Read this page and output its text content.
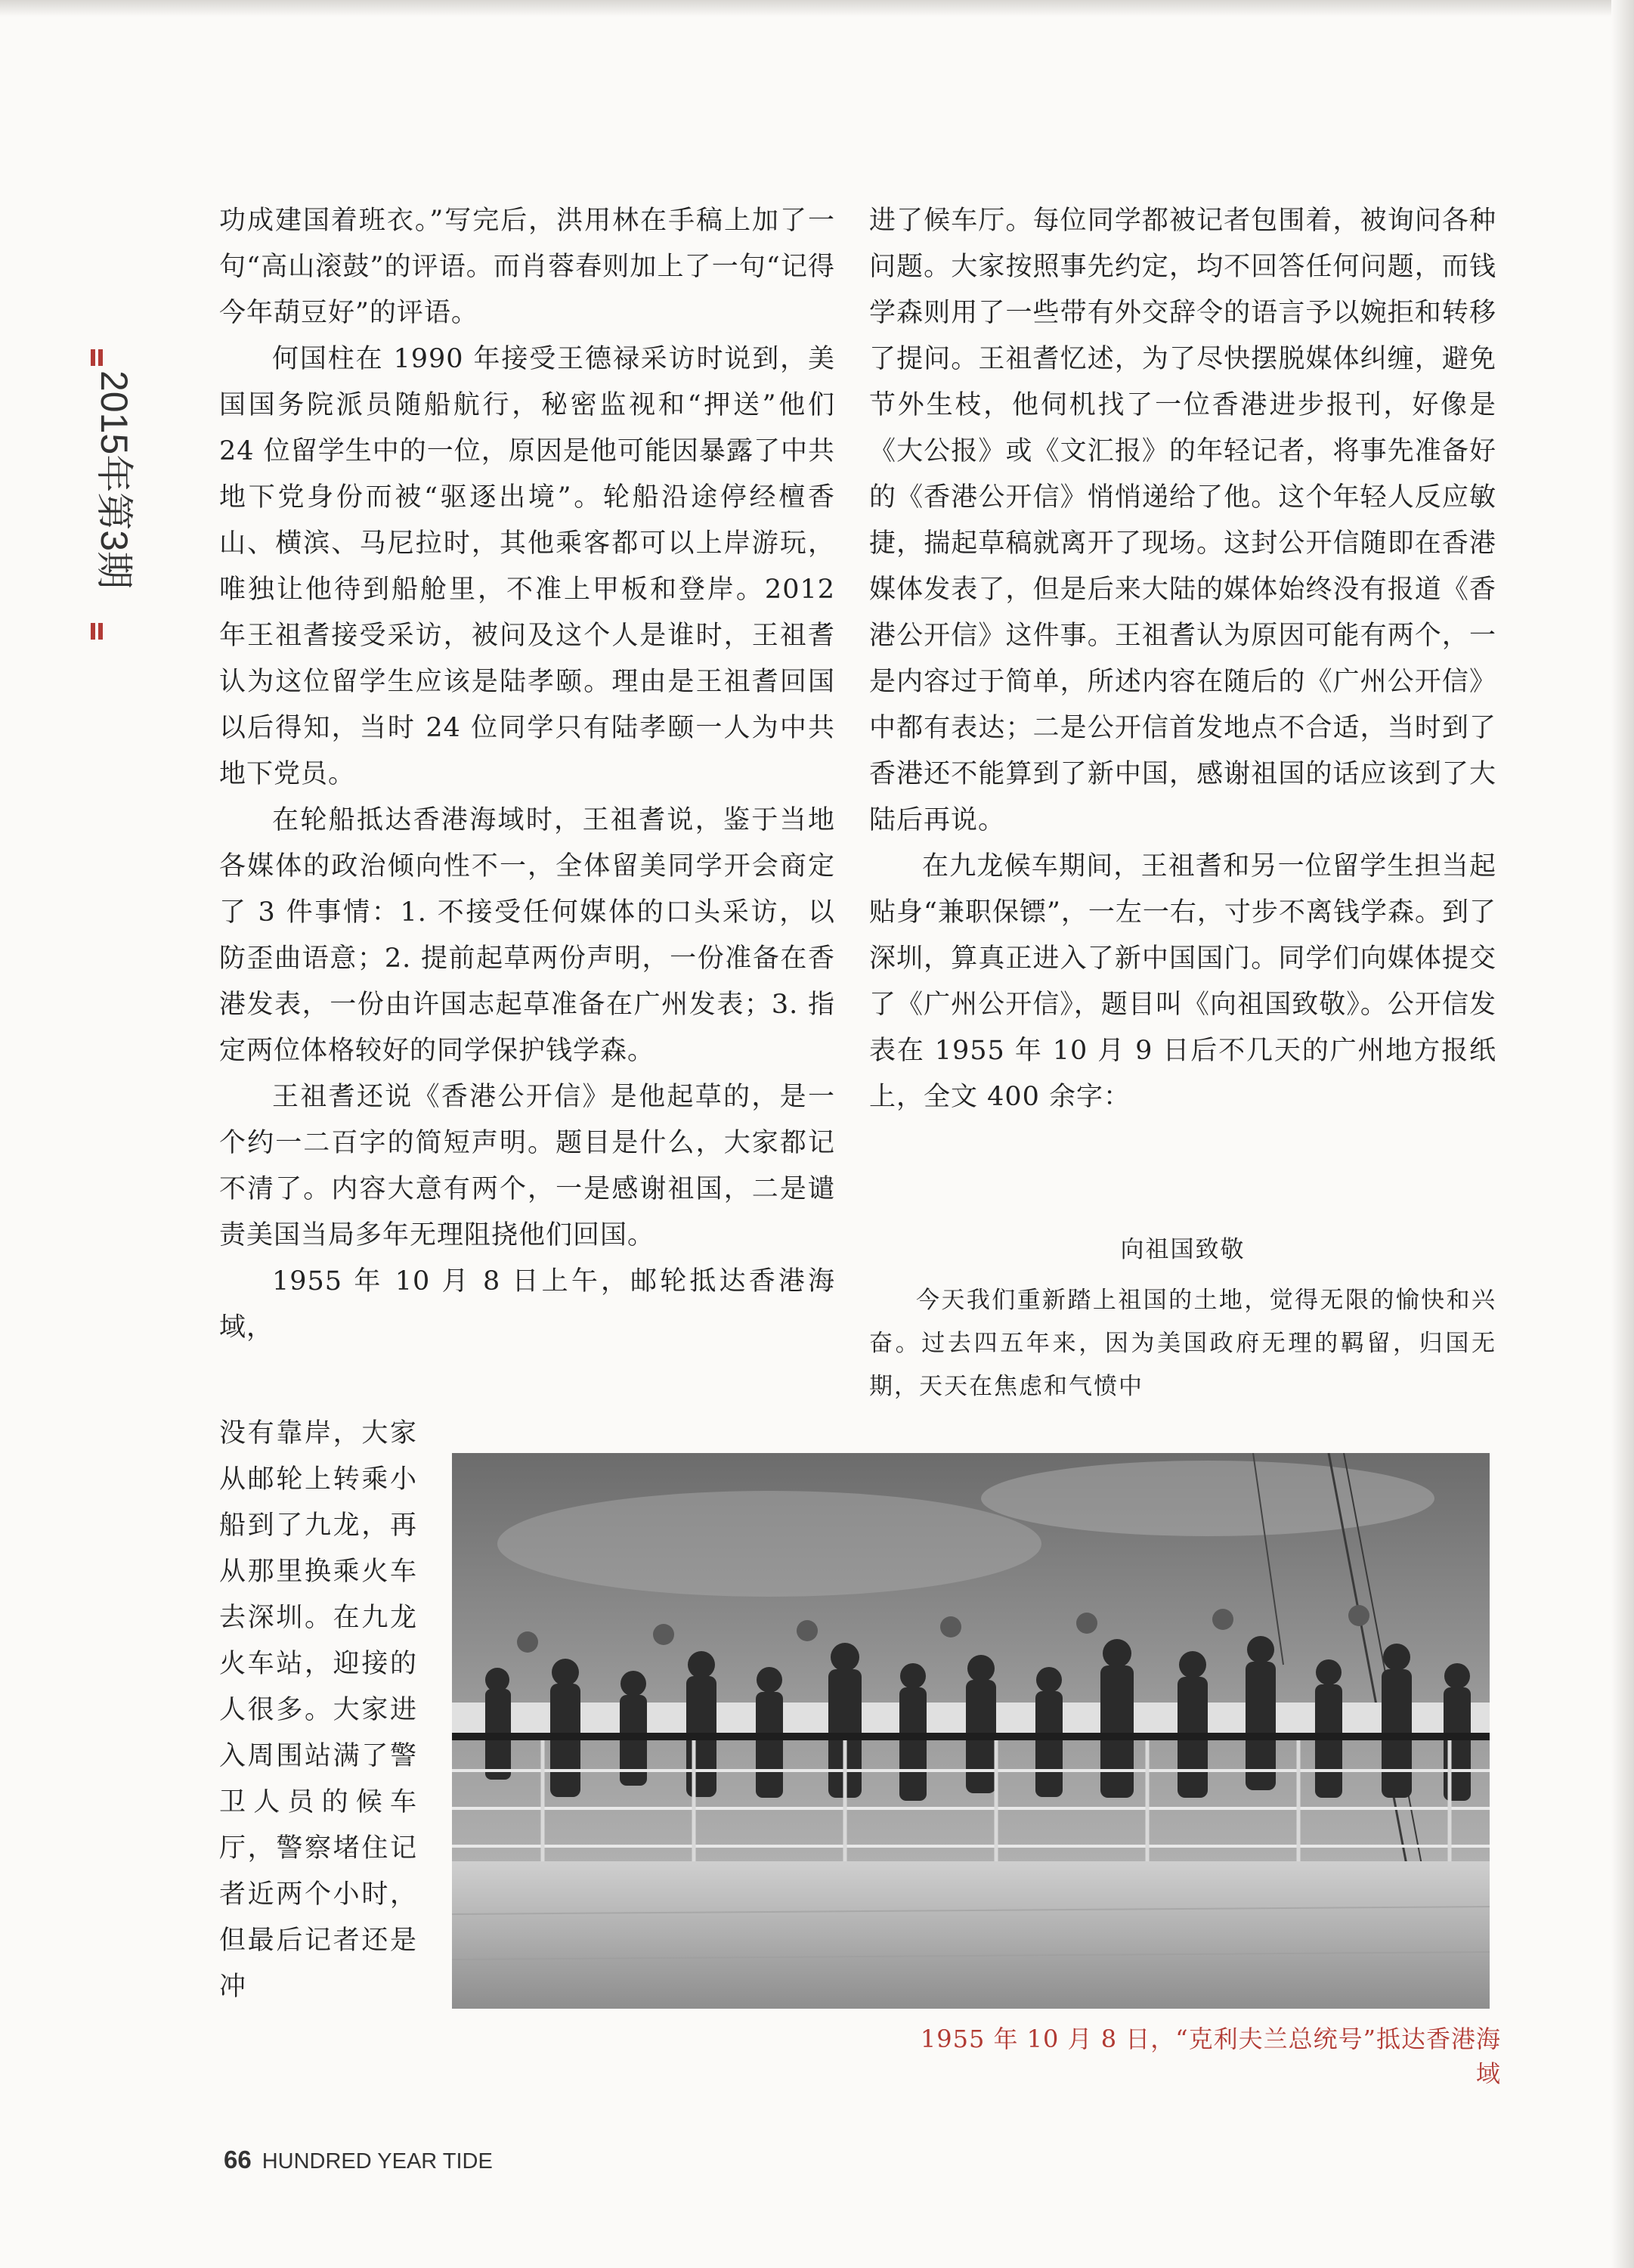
2015年第3期

功成建国着班衣。”写完后，洪用林在手稿上加了一句“高山滚鼓”的评语。而肖蓉春则加上了一句“记得今年葫豆好”的评语。

何国柱在 1990 年接受王德禄采访时说到，美国国务院派员随船航行，秘密监视和“押送”他们 24 位留学生中的一位，原因是他可能因暴露了中共地下党身份而被“驱逐出境”。轮船沿途停经檀香山、横滨、马尼拉时，其他乘客都可以上岸游玩，唯独让他待到船舱里，不准上甲板和登岸。2012 年王祖耆接受采访，被问及这个人是谁时，王祖耆认为这位留学生应该是陆孝颐。理由是王祖耆回国以后得知，当时 24 位同学只有陆孝颐一人为中共地下党员。

在轮船抵达香港海域时，王祖耆说，鉴于当地各媒体的政治倾向性不一，全体留美同学开会商定了 3 件事情：1. 不接受任何媒体的口头采访，以防歪曲语意；2. 提前起草两份声明，一份准备在香港发表，一份由许国志起草准备在广州发表；3. 指定两位体格较好的同学保护钱学森。

王祖耆还说《香港公开信》是他起草的，是一个约一二百字的简短声明。题目是什么，大家都记不清了。内容大意有两个，一是感谢祖国，二是谴责美国当局多年无理阻挠他们回国。

1955 年 10 月 8 日上午，邮轮抵达香港海域，

没有靠岸，大家从邮轮上转乘小船到了九龙，再从那里换乘火车去深圳。在九龙火车站，迎接的人很多。大家进入周围站满了警卫人员的候车厅，警察堵住记者近两个小时，但最后记者还是冲

进了候车厅。每位同学都被记者包围着，被询问各种问题。大家按照事先约定，均不回答任何问题，而钱学森则用了一些带有外交辞令的语言予以婉拒和转移了提问。王祖耆忆述，为了尽快摆脱媒体纠缠，避免节外生枝，他伺机找了一位香港进步报刊，好像是《大公报》或《文汇报》的年轻记者，将事先准备好的《香港公开信》悄悄递给了他。这个年轻人反应敏捷，揣起草稿就离开了现场。这封公开信随即在香港媒体发表了，但是后来大陆的媒体始终没有报道《香港公开信》这件事。王祖耆认为原因可能有两个，一是内容过于简单，所述内容在随后的《广州公开信》中都有表达；二是公开信首发地点不合适，当时到了香港还不能算到了新中国，感谢祖国的话应该到了大陆后再说。

在九龙候车期间，王祖耆和另一位留学生担当起贴身“兼职保镖”，一左一右，寸步不离钱学森。到了深圳，算真正进入了新中国国门。同学们向媒体提交了《广州公开信》，题目叫《向祖国致敬》。公开信发表在 1955 年 10 月 9 日后不几天的广州地方报纸上，全文 400 余字：

向祖国致敬

今天我们重新踏上祖国的土地，觉得无限的愉快和兴奋。过去四五年来，因为美国政府无理的羁留，归国无期，天天在焦虑和气愤中

1955 年 10 月 8 日，“克利夫兰总统号”抵达香港海域
66 HUNDRED YEAR TIDE
